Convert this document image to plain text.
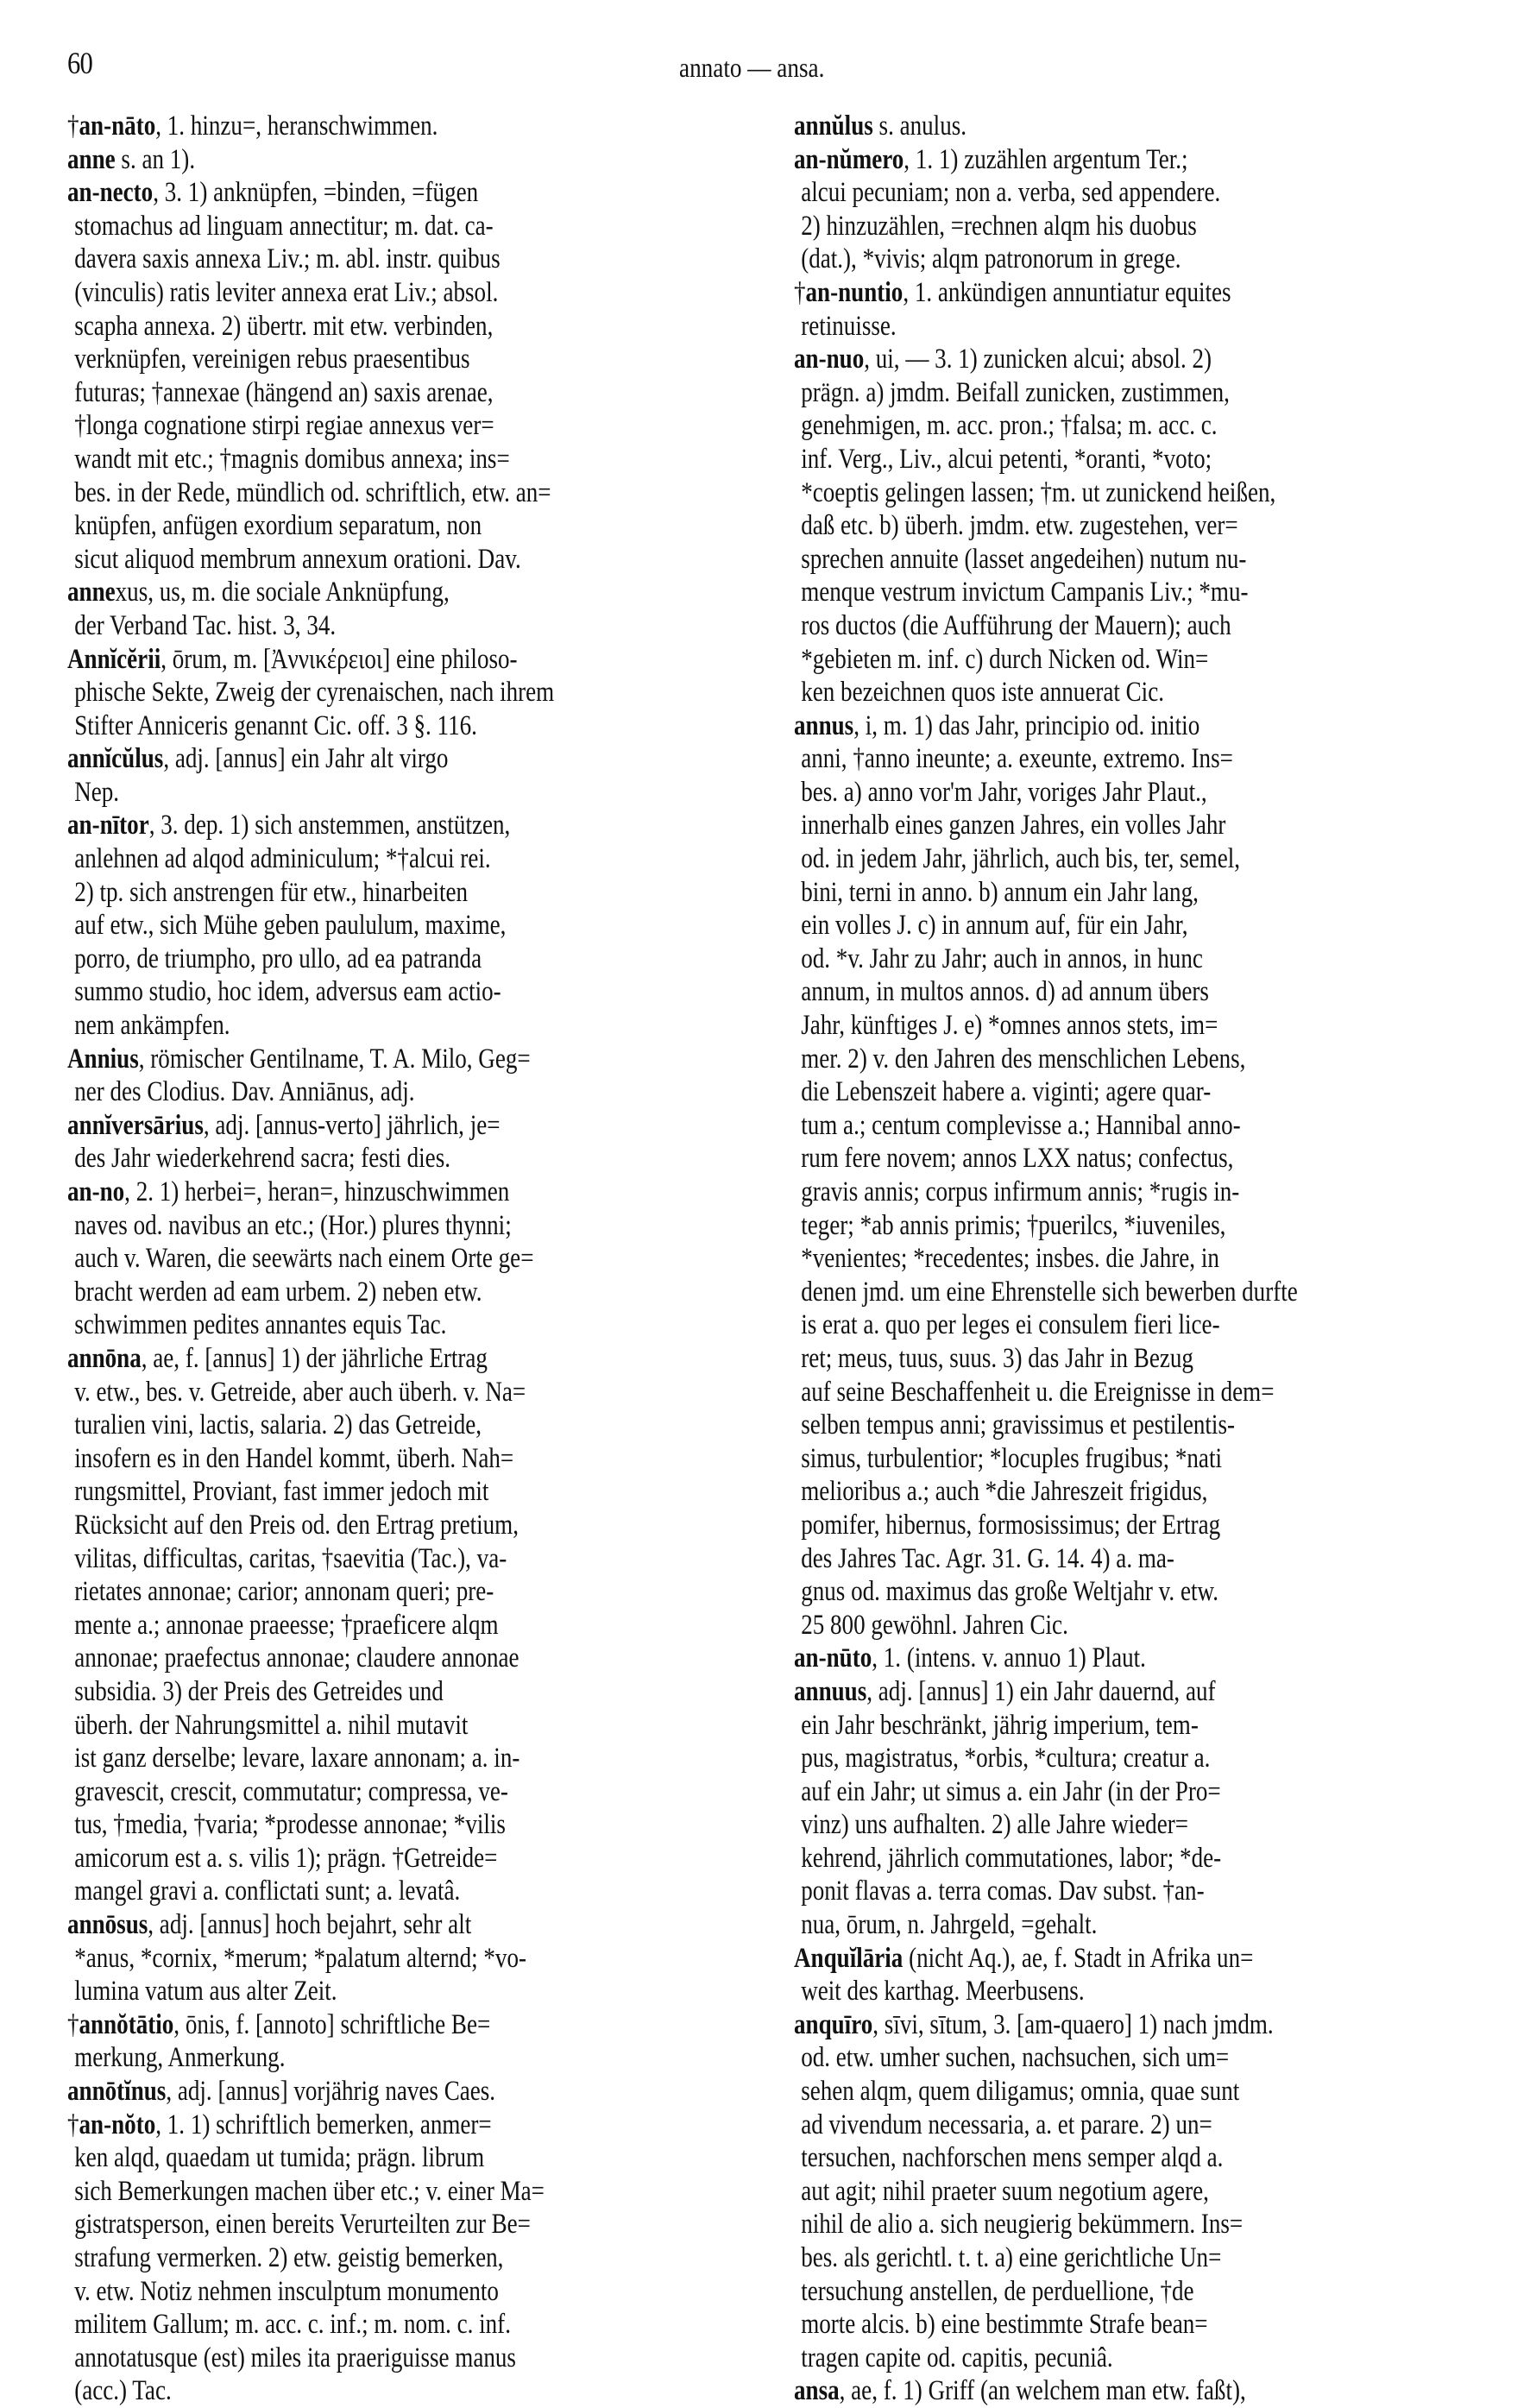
60	annato — ansa.
†an-nāto, 1. hinzu=, heranschwimmen.
anne s. an 1).
an-necto, 3. 1) anknüpfen, =binden, =fügen
stomachus ad linguam annectitur; m. dat. ca-
davera saxis annexa Liv.; m. abl. instr. quibus
(vinculis) ratis leviter annexa erat Liv.; absol.
scapha annexa. 2) übertr. mit etw. verbinden,
verknüpfen, vereinigen rebus praesentibus
futuras; †annexae (hängend an) saxis arenae,
†longa cognatione stirpi regiae annexus ver=
wandt mit etc.; †magnis domibus annexa; ins=
bes. in der Rede, mündlich od. schriftlich, etw. an=
knüpfen, anfügen exordium separatum, non
sicut aliquod membrum annexum orationi. Dav.
annexus, us, m. die sociale Anknüpfung,
der Verband Tac. hist. 3, 34.
Annĭcĕrii, ōrum, m. [Ἀννικέρειοι] eine philoso-
phische Sekte, Zweig der cyrenaischen, nach ihrem
Stifter Anniceris genannt Cic. off. 3 §. 116.
annĭcŭlus, adj. [annus] ein Jahr alt virgo
Nep.
an-nītor, 3. dep. 1) sich anstemmen, anstützen,
anlehnen ad alqod adminiculum; *†alcui rei.
2) tp. sich anstrengen für etw., hinarbeiten
auf etw., sich Mühe geben paululum, maxime,
porro, de triumpho, pro ullo, ad ea patranda
summo studio, hoc idem, adversus eam actio-
nem ankämpfen.
Annius, römischer Gentilname, T. A. Milo, Geg=
ner des Clodius. Dav. Anniānus, adj.
annĭversārius, adj. [annus-verto] jährlich, je=
des Jahr wiederkehrend sacra; festi dies.
an-no, 2. 1) herbei=, heran=, hinzuschwimmen
naves od. navibus an etc.; (Hor.) plures thynni;
auch v. Waren, die seewärts nach einem Orte ge=
bracht werden ad eam urbem. 2) neben etw.
schwimmen pedites annantes equis Tac.
annōna, ae, f. [annus] 1) der jährliche Ertrag
v. etw., bes. v. Getreide, aber auch überh. v. Na=
turalien vini, lactis, salaria. 2) das Getreide,
insofern es in den Handel kommt, überh. Nah=
rungsmittel, Proviant, fast immer jedoch mit
Rücksicht auf den Preis od. den Ertrag pretium,
vilitas, difficultas, caritas, †saevitia (Tac.), va-
rietates annonae; carior; annonam queri; pre-
mente a.; annonae praeesse; †praeficere alqm
annonae; praefectus annonae; claudere annonae
subsidia. 3) der Preis des Getreides und
überh. der Nahrungsmittel a. nihil mutavit
ist ganz derselbe; levare, laxare annonam; a. in-
gravescit, crescit, commutatur; compressa, ve-
tus, †media, †varia; *prodesse annonae; *vilis
amicorum est a. s. vilis 1); prägn. †Getreide=
mangel gravi a. conflictati sunt; a. levatâ.
annōsus, adj. [annus] hoch bejahrt, sehr alt
*anus, *cornix, *merum; *palatum alternd; *vo-
lumina vatum aus alter Zeit.
†annŏtātio, ōnis, f. [annoto] schriftliche Be=
merkung, Anmerkung.
annōtĭnus, adj. [annus] vorjährig naves Caes.
†an-nŏto, 1. 1) schriftlich bemerken, anmer=
ken alqd, quaedam ut tumida; prägn. librum
sich Bemerkungen machen über etc.; v. einer Ma=
gistratsperson, einen bereits Verurteilten zur Be=
strafung vermerken. 2) etw. geistig bemerken,
v. etw. Notiz nehmen insculptum monumento
militem Gallum; m. acc. c. inf.; m. nom. c. inf.
annotatusque (est) miles ita praeriguisse manus
(acc.) Tac.
annŭlus s. anulus.
an-nŭmero, 1. 1) zuzählen argentum Ter.;
alcui pecuniam; non a. verba, sed appendere.
2) hinzuzählen, =rechnen alqm his duobus
(dat.), *vivis; alqm patronorum in grege.
†an-nuntio, 1. ankündigen annuntiatur equites
retinuisse.
an-nuo, ui, — 3. 1) zunicken alcui; absol. 2)
prägn. a) jmdm. Beifall zunicken, zustimmen,
genehmigen, m. acc. pron.; †falsa; m. acc. c.
inf. Verg., Liv., alcui petenti, *oranti, *voto;
*coeptis gelingen lassen; †m. ut zunickend heißen,
daß etc. b) überh. jmdm. etw. zugestehen, ver=
sprechen annuite (lasset angedeihen) nutum nu-
menque vestrum invictum Campanis Liv.; *mu-
ros ductos (die Aufführung der Mauern); auch
*gebieten m. inf. c) durch Nicken od. Win=
ken bezeichnen quos iste annuerat Cic.
annus, i, m. 1) das Jahr, principio od. initio
anni, †anno ineunte; a. exeunte, extremo. Ins=
bes. a) anno vor'm Jahr, voriges Jahr Plaut.,
innerhalb eines ganzen Jahres, ein volles Jahr
od. in jedem Jahr, jährlich, auch bis, ter, semel,
bini, terni in anno. b) annum ein Jahr lang,
ein volles J. c) in annum auf, für ein Jahr,
od. *v. Jahr zu Jahr; auch in annos, in hunc
annum, in multos annos. d) ad annum übers
Jahr, künftiges J. e) *omnes annos stets, im=
mer. 2) v. den Jahren des menschlichen Lebens,
die Lebenszeit habere a. viginti; agere quar-
tum a.; centum complevisse a.; Hannibal anno-
rum fere novem; annos LXX natus; confectus,
gravis annis; corpus infirmum annis; *rugis in-
teger; *ab annis primis; †puerilcs, *iuveniles,
*venientes; *recedentes; insbes. die Jahre, in
denen jmd. um eine Ehrenstelle sich bewerben durfte
is erat a. quo per leges ei consulem fieri lice-
ret; meus, tuus, suus. 3) das Jahr in Bezug
auf seine Beschaffenheit u. die Ereignisse in dem=
selben tempus anni; gravissimus et pestilentis-
simus, turbulentior; *locuples frugibus; *nati
melioribus a.; auch *die Jahreszeit frigidus,
pomifer, hibernus, formosissimus; der Ertrag
des Jahres Tac. Agr. 31. G. 14. 4) a. ma-
gnus od. maximus das große Weltjahr v. etw.
25 800 gewöhnl. Jahren Cic.
an-nūto, 1. (intens. v. annuo 1) Plaut.
annuus, adj. [annus] 1) ein Jahr dauernd, auf
ein Jahr beschränkt, jährig imperium, tem-
pus, magistratus, *orbis, *cultura; creatur a.
auf ein Jahr; ut simus a. ein Jahr (in der Pro=
vinz) uns aufhalten. 2) alle Jahre wieder=
kehrend, jährlich commutationes, labor; *de-
ponit flavas a. terra comas. Dav subst. †an-
nua, ōrum, n. Jahrgeld, =gehalt.
Anquĭlāria (nicht Aq.), ae, f. Stadt in Afrika un=
weit des karthag. Meerbusens.
anquīro, sīvi, sītum, 3. [am-quaero] 1) nach jmdm.
od. etw. umher suchen, nachsuchen, sich um=
sehen alqm, quem diligamus; omnia, quae sunt
ad vivendum necessaria, a. et parare. 2) un=
tersuchen, nachforschen mens semper alqd a.
aut agit; nihil praeter suum negotium agere,
nihil de alio a. sich neugierig bekümmern. Ins=
bes. als gerichtl. t. t. a) eine gerichtliche Un=
tersuchung anstellen, de perduellione, †de
morte alcis. b) eine bestimmte Strafe bean=
tragen capite od. capitis, pecuniâ.
ansa, ae, f. 1) Griff (an welchem man etw. faßt),
